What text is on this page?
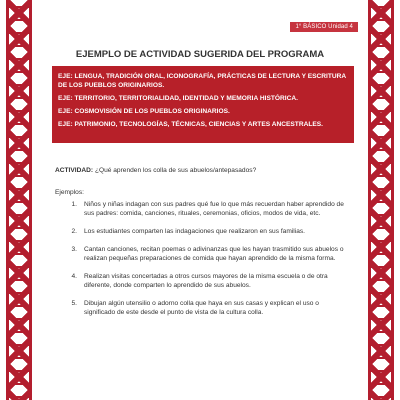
1° BÁSICO Unidad 4
EJEMPLO DE ACTIVIDAD SUGERIDA DEL PROGRAMA
EJE: LENGUA, TRADICIÓN ORAL, ICONOGRAFÍA, PRÁCTICAS DE LECTURA Y ESCRITURA DE LOS PUEBLOS ORIGINARIOS.
EJE: TERRITORIO, TERRITORIALIDAD, IDENTIDAD Y MEMORIA HISTÓRICA.
EJE: COSMOVISIÓN DE LOS PUEBLOS ORIGINARIOS.
EJE: PATRIMONIO, TECNOLOGÍAS, TÉCNICAS, CIENCIAS Y ARTES ANCESTRALES.
ACTIVIDAD: ¿Qué aprenden los colla de sus abuelos/antepasados?
Ejemplos:
1.	Niños y niñas indagan con sus padres qué fue lo que más recuerdan haber aprendido de sus padres: comida, canciones, rituales, ceremonias, oficios, modos de vida, etc.
2.	Los estudiantes comparten las indagaciones que realizaron en sus familias.
3.	Cantan canciones, recitan poemas o adivinanzas que les hayan trasmitido sus abuelos o realizan pequeñas preparaciones de comida que hayan aprendido de la misma forma.
4.	Realizan visitas concertadas a otros cursos mayores de la misma escuela o de otra diferente, donde comparten lo aprendido de sus abuelos.
5.	Dibujan algún utensilio o adorno colla que haya en sus casas y explican el uso o significado de este desde el punto de vista de la cultura colla.
